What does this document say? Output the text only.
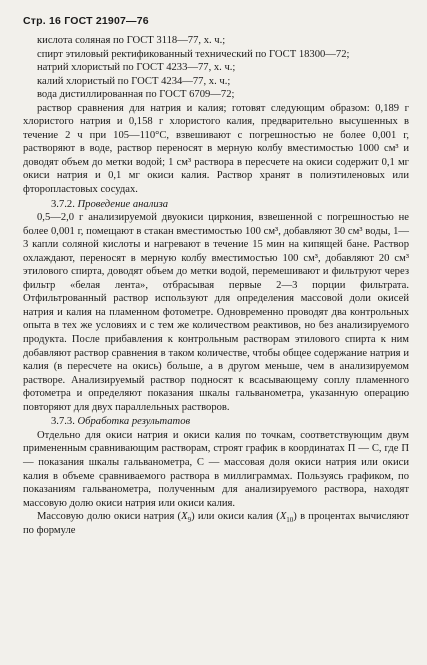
Стр. 16 ГОСТ 21907—76

кислота соляная по ГОСТ 3118—77, х. ч.;

спирт этиловый ректификованный технический по ГОСТ 18300—72;

натрий хлористый по ГОСТ 4233—77, х. ч.;

калий хлористый по ГОСТ 4234—77, х. ч.;

вода дистиллированная по ГОСТ 6709—72;

раствор сравнения для натрия и калия; готовят следующим образом: 0,189 г хлористого натрия и 0,158 г хлористого калия, предварительно высушенных в течение 2 ч при 105—110°С, взвешивают с погрешностью не более 0,001 г, растворяют в воде, раствор переносят в мерную колбу вместимостью 1000 см³ и доводят объем до метки водой; 1 см³ раствора в пересчете на окиси содержит 0,1 мг окиси натрия и 0,1 мг окиси калия. Раствор хранят в полиэтиленовых или фторопластовых сосудах.

3.7.2. Проведение анализа

0,5—2,0 г анализируемой двуокиси циркония, взвешенной с погрешностью не более 0,001 г, помещают в стакан вместимостью 100 см³, добавляют 30 см³ воды, 1—3 капли соляной кислоты и нагревают в течение 15 мин на кипящей бане. Раствор охлаждают, переносят в мерную колбу вместимостью 100 см³, добавляют 20 см³ этилового спирта, доводят объем до метки водой, перемешивают и фильтруют через фильтр «белая лента», отбрасывая первые 2—3 порции фильтрата. Отфильтрованный раствор используют для определения массовой доли окисей натрия и калия на пламенном фотометре. Одновременно проводят два контрольных опыта в тех же условиях и с тем же количеством реактивов, но без анализируемого продукта. После прибавления к контрольным растворам этилового спирта к ним добавляют раствор сравнения в таком количестве, чтобы общее содержание натрия и калия (в пересчете на окись) больше, а в другом меньше, чем в анализируемом растворе. Анализируемый раствор подносят к всасывающему соплу пламенного фотометра и определяют показания шкалы гальванометра, указанную операцию повторяют для двух параллельных растворов.

3.7.3. Обработка результатов

Отдельно для окиси натрия и окиси калия по точкам, соответствующим двум примененным сравнивающим растворам, строят график в координатах П — С, где П — показания шкалы гальванометра, С — массовая доля окиси натрия или окиси калия в объеме сравниваемого раствора в миллиграммах. Пользуясь графиком, по показаниям гальванометра, полученным для анализируемого раствора, находят массовую долю окиси натрия или окиси калия.

Массовую долю окиси натрия $(X_9)$ или окиси калия $(X_{10})$ в процентах вычисляют по формуле
